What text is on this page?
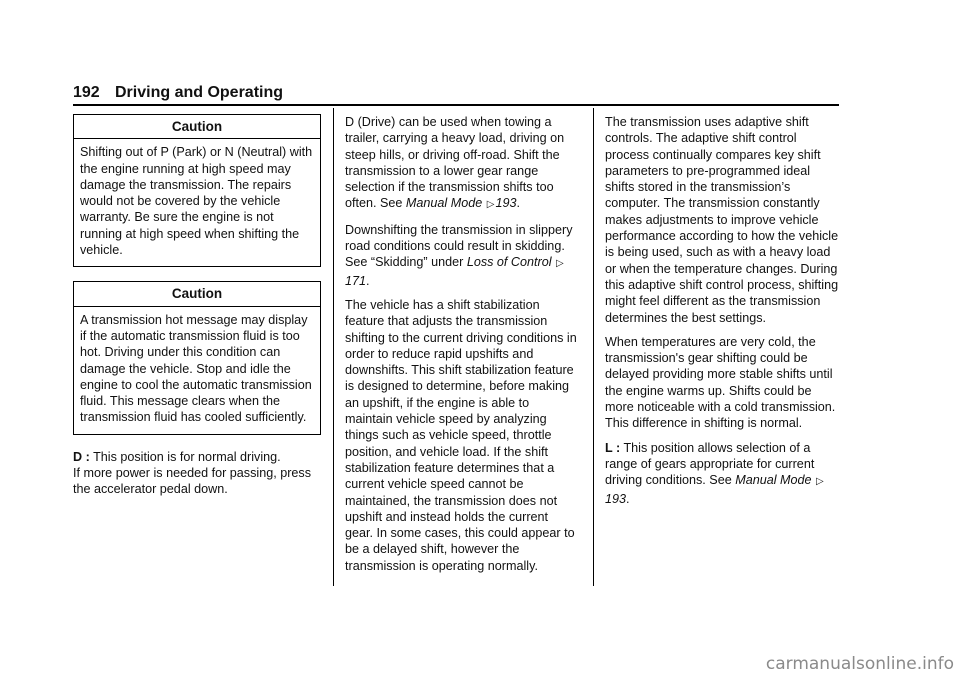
192 Driving and Operating
Caution
Shifting out of P (Park) or N (Neutral) with the engine running at high speed may damage the transmission. The repairs would not be covered by the vehicle warranty. Be sure the engine is not running at high speed when shifting the vehicle.
Caution
A transmission hot message may display if the automatic transmission fluid is too hot. Driving under this condition can damage the vehicle. Stop and idle the engine to cool the automatic transmission fluid. This message clears when the transmission fluid has cooled sufficiently.
D : This position is for normal driving.
If more power is needed for passing, press the accelerator pedal down.

D (Drive) can be used when towing a trailer, carrying a heavy load, driving on steep hills, or driving off-road. Shift the transmission to a lower gear range selection if the transmission shifts too often. See Manual Mode ▷193.

Downshifting the transmission in slippery road conditions could result in skidding. See “Skidding” under Loss of Control ▷171.

The vehicle has a shift stabilization feature that adjusts the transmission shifting to the current driving conditions in order to reduce rapid upshifts and downshifts. This shift stabilization feature is designed to determine, before making an upshift, if the engine is able to maintain vehicle speed by analyzing things such as vehicle speed, throttle position, and vehicle load. If the shift stabilization feature determines that a current vehicle speed cannot be maintained, the transmission does not upshift and instead holds the current gear. In some cases, this could appear to be a delayed shift, however the transmission is operating normally.

The transmission uses adaptive shift controls. The adaptive shift control process continually compares key shift parameters to pre-programmed ideal shifts stored in the transmission’s computer. The transmission constantly makes adjustments to improve vehicle performance according to how the vehicle is being used, such as with a heavy load or when the temperature changes. During this adaptive shift control process, shifting might feel different as the transmission determines the best settings.

When temperatures are very cold, the transmission's gear shifting could be delayed providing more stable shifts until the engine warms up. Shifts could be more noticeable with a cold transmission. This difference in shifting is normal.

L : This position allows selection of a range of gears appropriate for current driving conditions. See Manual Mode ▷193.

carmanualsonline.info
